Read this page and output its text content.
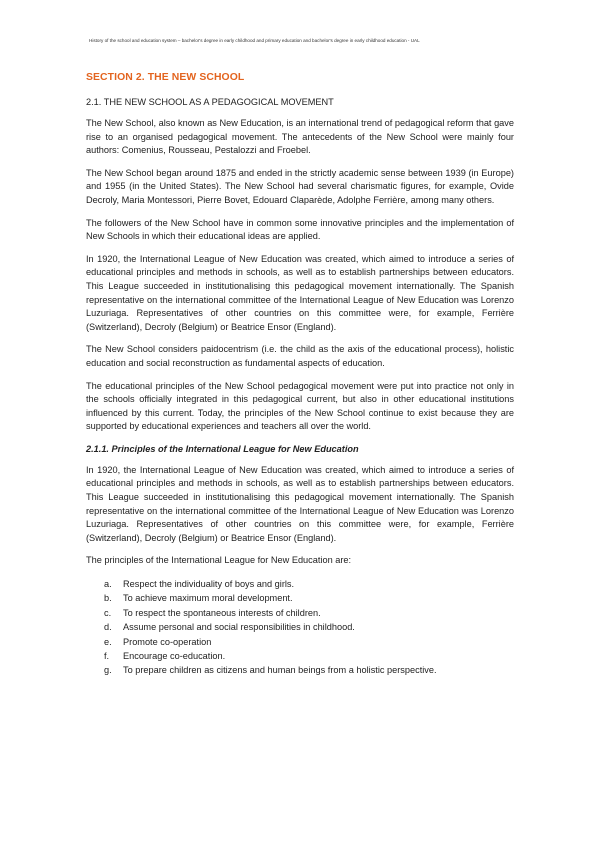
History of the school and education system – bachelor's degree in early childhood and primary education and bachelor's degree in early childhood education - UAL
SECTION 2. THE NEW SCHOOL
2.1. THE NEW SCHOOL AS A PEDAGOGICAL MOVEMENT

The New School, also known as New Education, is an international trend of pedagogical reform that gave rise to an organised pedagogical movement. The antecedents of the New School were mainly four authors: Comenius, Rousseau, Pestalozzi and Froebel.

The New School began around 1875 and ended in the strictly academic sense between 1939 (in Europe) and 1955 (in the United States). The New School had several charismatic figures, for example, Ovide Decroly, Maria Montessori, Pierre Bovet, Edouard Claparède, Adolphe Ferrière, among many others.

The followers of the New School have in common some innovative principles and the implementation of New Schools in which their educational ideas are applied.

In 1920, the International League of New Education was created, which aimed to introduce a series of educational principles and methods in schools, as well as to establish partnerships between educators. This League succeeded in institutionalising this pedagogical movement internationally. The Spanish representative on the international committee of the International League of New Education was Lorenzo Luzuriaga. Representatives of other countries on this committee were, for example, Ferrière (Switzerland), Decroly (Belgium) or Beatrice Ensor (England).

The New School considers paidocentrism (i.e. the child as the axis of the educational process), holistic education and social reconstruction as fundamental aspects of education.

The educational principles of the New School pedagogical movement were put into practice not only in the schools officially integrated in this pedagogical current, but also in other educational institutions influenced by this current. Today, the principles of the New School continue to exist because they are supported by educational experiences and teachers all over the world.

2.1.1. Principles of the International League for New Education

In 1920, the International League of New Education was created, which aimed to introduce a series of educational principles and methods in schools, as well as to establish partnerships between educators. This League succeeded in institutionalising this pedagogical movement internationally. The Spanish representative on the international committee of the International League of New Education was Lorenzo Luzuriaga. Representatives of other countries on this committee were, for example, Ferrière (Switzerland), Decroly (Belgium) or Beatrice Ensor (England).

The principles of the International League for New Education are:

a. Respect the individuality of boys and girls.
b. To achieve maximum moral development.
c. To respect the spontaneous interests of children.
d. Assume personal and social responsibilities in childhood.
e. Promote co-operation
f. Encourage co-education.
g. To prepare children as citizens and human beings from a holistic perspective.
